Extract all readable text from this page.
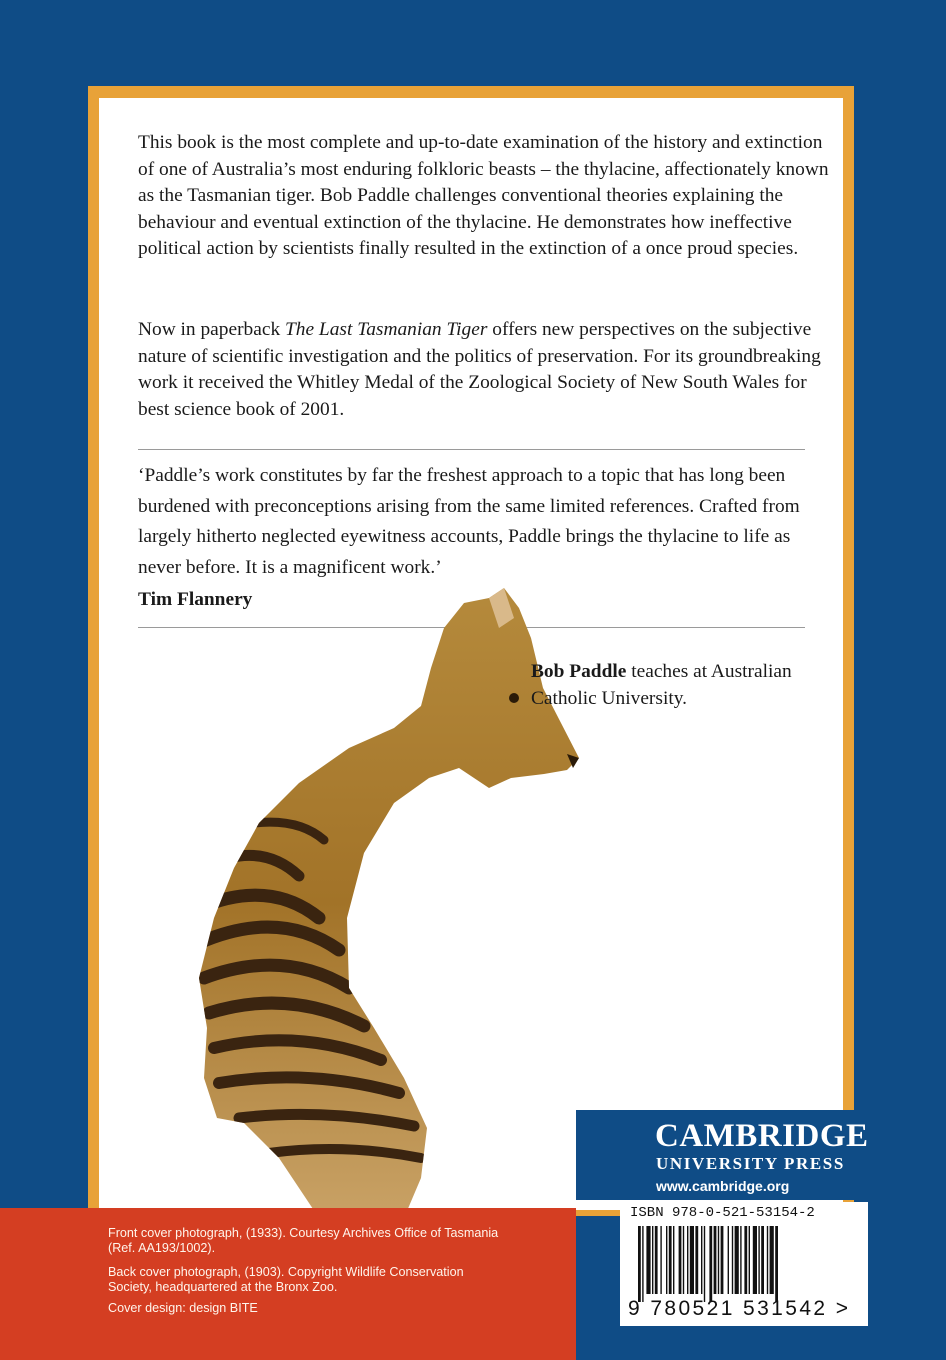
This book is the most complete and up-to-date examination of the history and extinction of one of Australia’s most enduring folkloric beasts – the thylacine, affectionately known as the Tasmanian tiger. Bob Paddle challenges conventional theories explaining the behaviour and eventual extinction of the thylacine. He demonstrates how ineffective political action by scientists finally resulted in the extinction of a once proud species.

Now in paperback The Last Tasmanian Tiger offers new perspectives on the subjective nature of scientific investigation and the politics of preservation. For its groundbreaking work it received the Whitley Medal of the Zoological Society of New South Wales for best science book of 2001.

‘Paddle’s work constitutes by far the freshest approach to a topic that has long been burdened with preconceptions arising from the same limited references. Crafted from largely hitherto neglected eyewitness accounts, Paddle brings the thylacine to life as never before. It is a magnificent work.’

Tim Flannery

Bob Paddle teaches at Australian Catholic University.

Front cover photograph, (1933). Courtesy Archives Office of Tasmania (Ref. AA193/1002).

Back cover photograph, (1903). Copyright Wildlife Conservation Society, headquartered at the Bronx Zoo.

Cover design: design BITE

CAMBRIDGE

UNIVERSITY PRESS

www.cambridge.org

ISBN 978-0-521-53154-2

9 780521 531542 >
